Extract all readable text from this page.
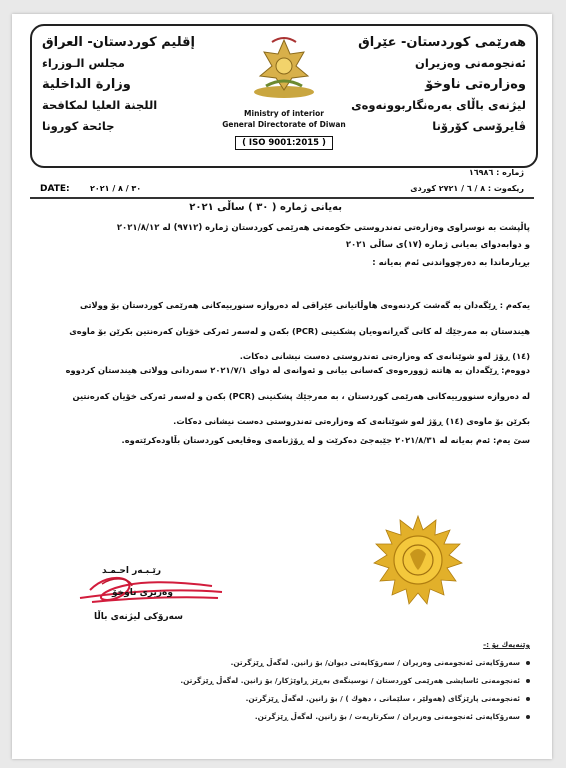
هەرێمی کوردستان- عێراق
ئەنجومەنی وەزیران
وەزارەتی ناوخۆ
لیژنەی باڵای بەرەنگاربوونەوەی
ڤایرۆسی کۆرۆنا
Ministry of interior
General Directorate of Diwan
( ISO 9001:2015 )
إقليم كوردستان- العراق
مجلس الـوزراء
وزارة الداخلية
اللجنة العليا لمكافحة
جائحة كورونا
ژمارە : ١٦٩٨٦
ریکەوت : ٨ / ٦ / ٢٧٢١ کوردی
DATE:	٣٠ / ٨ / ٢٠٢١
بەیانی ژمارە ( ٣٠ ) ساڵی ٢٠٢١
پاڵپشت بە نوسراوی وەزارەتی تەندروستی حکومەتی هەرێمی کوردستان ژمارە (٩٧١٢) لە ٢٠٢١/٨/١٢
و دوابەدوای بەیانی ژمارە (١٧)ی ساڵی ٢٠٢١
بڕیارماندا بە دەرچوواندنی ئەم بەیانە :

یەکەم : ڕێگەدان بە گەشت کردنەوەی هاوڵاتیانی عێراقی لە دەروازە سنورییەکانی هەرێمی کوردستان بۆ وولاتی

هیندستان بە مەرجێك لە کاتی گەڕانەوەیان پشکنینی (PCR) بکەن و لەسەر ئەرکی خۆیان کەرەنتین بکرێن بۆ ماوەی

(١٤) ڕۆژ لەو شوێنانەی کە وەزارەتی تەندروستی دەست نیشانی دەکات.

دووەم: ڕێگەدان بە هاتنە ژوورەوەی کەسانی بیانی و ئەوانەی لە دوای ٢٠٢١/٧/١ سەردانی وولاتی هیندستان کردووە

لە دەروازە سنوورییەکانی هەرێمی کوردستان ، بە مەرجێك پشکنینی (PCR) بکەن و لەسەر ئەرکی خۆیان کەرەنتین

بکرێن بۆ ماوەی (١٤) ڕۆژ لەو شوێنانەی کە وەزارەتی تەندروستی دەست نیشانی دەکات.

سێ یەم: ئەم بەیانە لە ٢٠٢١/٨/٣١ جێبەجێ دەکرێت و لە ڕۆژنامەی وەقایعی کوردستان بڵاودەکرێتەوە.

رێـبـەر احـمـد
وەزیری ناوخۆ
سەرۆکی لیژنەی باڵا
وێنەیەك بۆ :-
سەرۆکایەتی ئەنجومەنی وەزیران / سەرۆکایەتی دیوان/ بۆ زانین. لەگەڵ ڕێزگرتن.
ئەنجومەنی ئاسایشی هەرێمی کوردستان / نوسینگەی بەڕێز ڕاوێژکار/ بۆ زانین. لەگەڵ ڕێزگرتن.
ئەنجومەنی پارێزگای (هەولێر ، سلێمانی ، دهوك ) / بۆ زانین. لەگەڵ ڕێزگرتن.
سەرۆکایەتی ئەنجومەنی وەزیران / سکرتاریەت / بۆ زانین. لەگەڵ ڕێزگرتن.
